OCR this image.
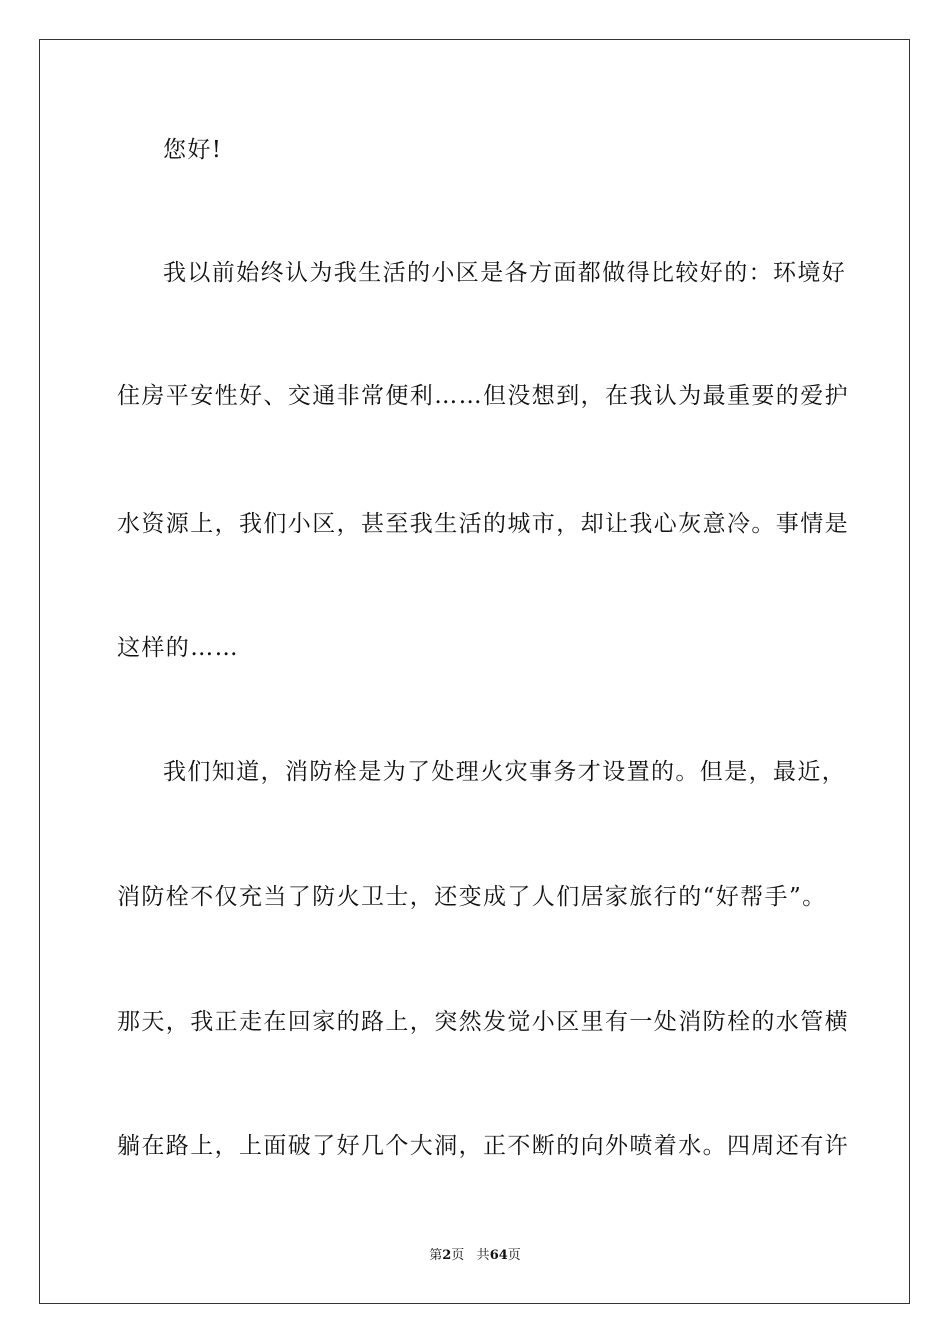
您好!
我以前始终认为我生活的小区是各方面都做得比较好的：环境好
住房平安性好、交通非常便利……但没想到，在我认为最重要的爱护
水资源上，我们小区，甚至我生活的城市，却让我心灰意冷。事情是
这样的……
我们知道，消防栓是为了处理火灾事务才设置的。但是，最近，
消防栓不仅充当了防火卫士，还变成了人们居家旅行的“好帮手”。
那天，我正走在回家的路上，突然发觉小区里有一处消防栓的水管横
躺在路上，上面破了好几个大洞，正不断的向外喷着水。四周还有许
第2页 共64页
